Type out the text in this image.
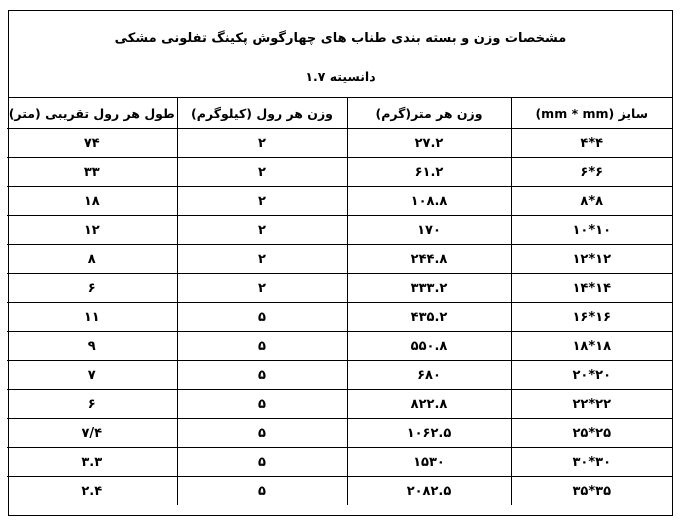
مشخصات وزن و بسته بندی طناب های چهارگوش پکینگ تفلونی مشکی
دانسیته ۱.۷
سایز (mm * mm)	وزن هر متر(گرم)	وزن هر رول (کیلوگرم)	طول هر رول تقریبی (متر)
۴*۴	۲۷.۲	۲	۷۴
۶*۶	۶۱.۲	۲	۳۳
۸*۸	۱۰۸.۸	۲	۱۸
۱۰*۱۰	۱۷۰	۲	۱۲
۱۲*۱۲	۲۴۴.۸	۲	۸
۱۴*۱۴	۳۳۳.۲	۲	۶
۱۶*۱۶	۴۳۵.۲	۵	۱۱
۱۸*۱۸	۵۵۰.۸	۵	۹
۲۰*۲۰	۶۸۰	۵	۷
۲۲*۲۲	۸۲۲.۸	۵	۶
۲۵*۲۵	۱۰۶۲.۵	۵	۷/۴
۳۰*۳۰	۱۵۳۰	۵	۳.۳
۳۵*۳۵	۲۰۸۲.۵	۵	۲.۴
